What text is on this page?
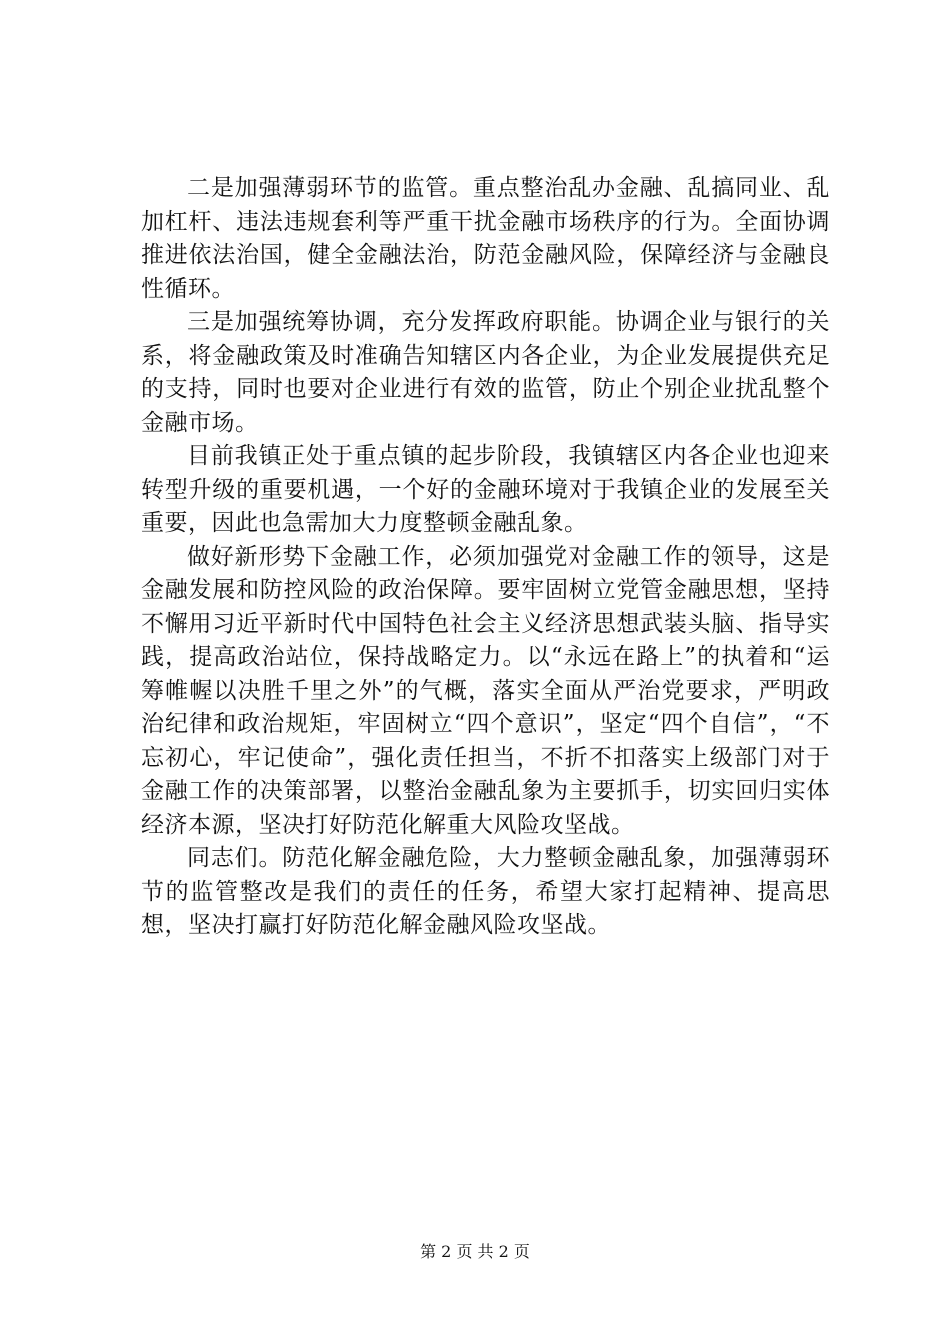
二是加强薄弱环节的监管。重点整治乱办金融、乱搞同业、乱加杠杆、违法违规套利等严重干扰金融市场秩序的行为。全面协调推进依法治国，健全金融法治，防范金融风险，保障经济与金融良性循环。

三是加强统筹协调，充分发挥政府职能。协调企业与银行的关系，将金融政策及时准确告知辖区内各企业，为企业发展提供充足的支持，同时也要对企业进行有效的监管，防止个别企业扰乱整个金融市场。

目前我镇正处于重点镇的起步阶段，我镇辖区内各企业也迎来转型升级的重要机遇，一个好的金融环境对于我镇企业的发展至关重要，因此也急需加大力度整顿金融乱象。

做好新形势下金融工作，必须加强党对金融工作的领导，这是金融发展和防控风险的政治保障。要牢固树立党管金融思想，坚持不懈用习近平新时代中国特色社会主义经济思想武装头脑、指导实践，提高政治站位，保持战略定力。以“永远在路上”的执着和“运筹帷幄以决胜千里之外”的气概，落实全面从严治党要求，严明政治纪律和政治规矩，牢固树立“四个意识”，坚定“四个自信”，“不忘初心，牢记使命”，强化责任担当，不折不扣落实上级部门对于金融工作的决策部署，以整治金融乱象为主要抓手，切实回归实体经济本源，坚决打好防范化解重大风险攻坚战。

同志们。防范化解金融危险，大力整顿金融乱象，加强薄弱环节的监管整改是我们的责任的任务，希望大家打起精神、提高思想，坚决打赢打好防范化解金融风险攻坚战。

第 2 页 共 2 页
